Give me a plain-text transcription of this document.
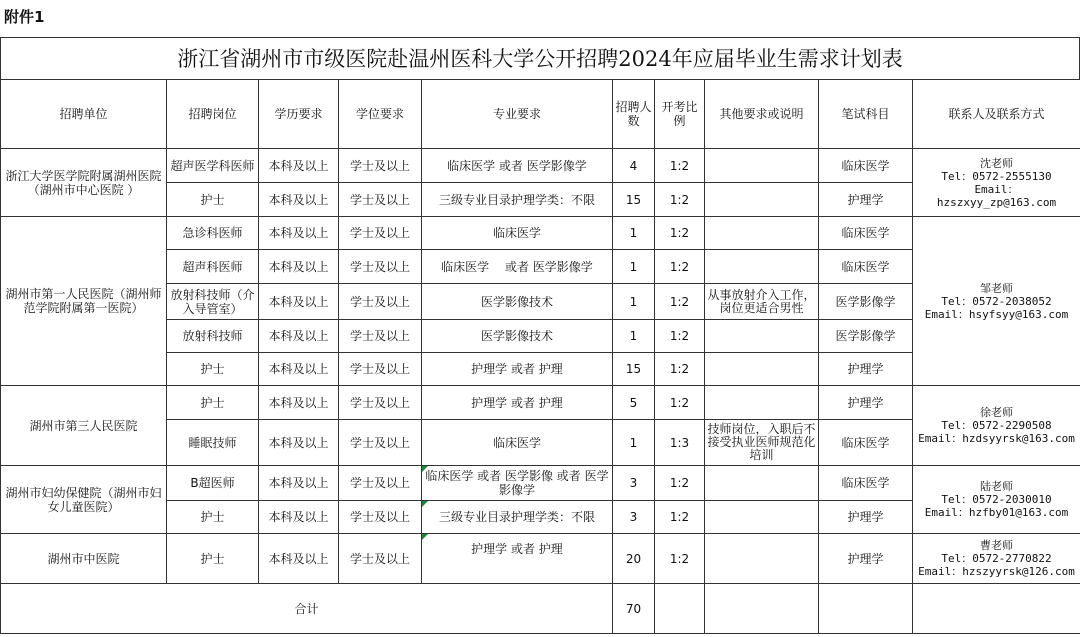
附件1
浙江省湖州市市级医院赴温州医科大学公开招聘2024年应届毕业生需求计划表
招聘单位	招聘岗位	学历要求	学位要求	专业要求	招聘人数	开考比例	其他要求或说明	笔试科目	联系人及联系方式
浙江大学医学院附属湖州医院（湖州市中心医院 ）	超声医学科医师	本科及以上	学士及以上	临床医学 或者 医学影像学	4	1:2		临床医学	沈老师
Tel：0572-2555130
Email：
hzszxyy_zp@163.com

	护士	本科及以上	学士及以上	三级专业目录护理学类：不限	15	1:2		护理学	
湖州市第一人民医院（湖州师范学院附属第一医院）	急诊科医师	本科及以上	学士及以上	临床医学	1	1:2		临床医学	邹老师
Tel：0572-2038052
Email：hsyfsyy@163.com

	超声科医师	本科及以上	学士及以上	临床医学　 或者 医学影像学	1	1:2		临床医学	
	放射科技师（介入导管室）	本科及以上	学士及以上	医学影像技术	1	1:2	从事放射介入工作，岗位更适合男性	医学影像学	
	放射科技师	本科及以上	学士及以上	医学影像技术	1	1:2		医学影像学	
	护士	本科及以上	学士及以上	护理学 或者 护理	15	1:2		护理学	
湖州市第三人民医院	护士	本科及以上	学士及以上	护理学 或者 护理	5	1:2		护理学	徐老师
Tel：0572-2290508
Email：hzdsyyrsk@163.com

	睡眠技师	本科及以上	学士及以上	临床医学	1	1:3	技师岗位，入职后不接受执业医师规范化培训	临床医学	
湖州市妇幼保健院（湖州市妇女儿童医院）	B超医师	本科及以上	学士及以上	临床医学 或者 医学影像 或者 医学影像学	3	1:2		临床医学	陆老师
Tel：0572-2030010
Email：hzfby01@163.com

	护士	本科及以上	学士及以上	三级专业目录护理学类：不限	3	1:2		护理学	
湖州市中医院	护士	本科及以上	学士及以上	护理学 或者 护理	20	1:2		护理学	曹老师
Tel：0572-2770822
Email：hzszyyrsk@126.com

合计					70				
